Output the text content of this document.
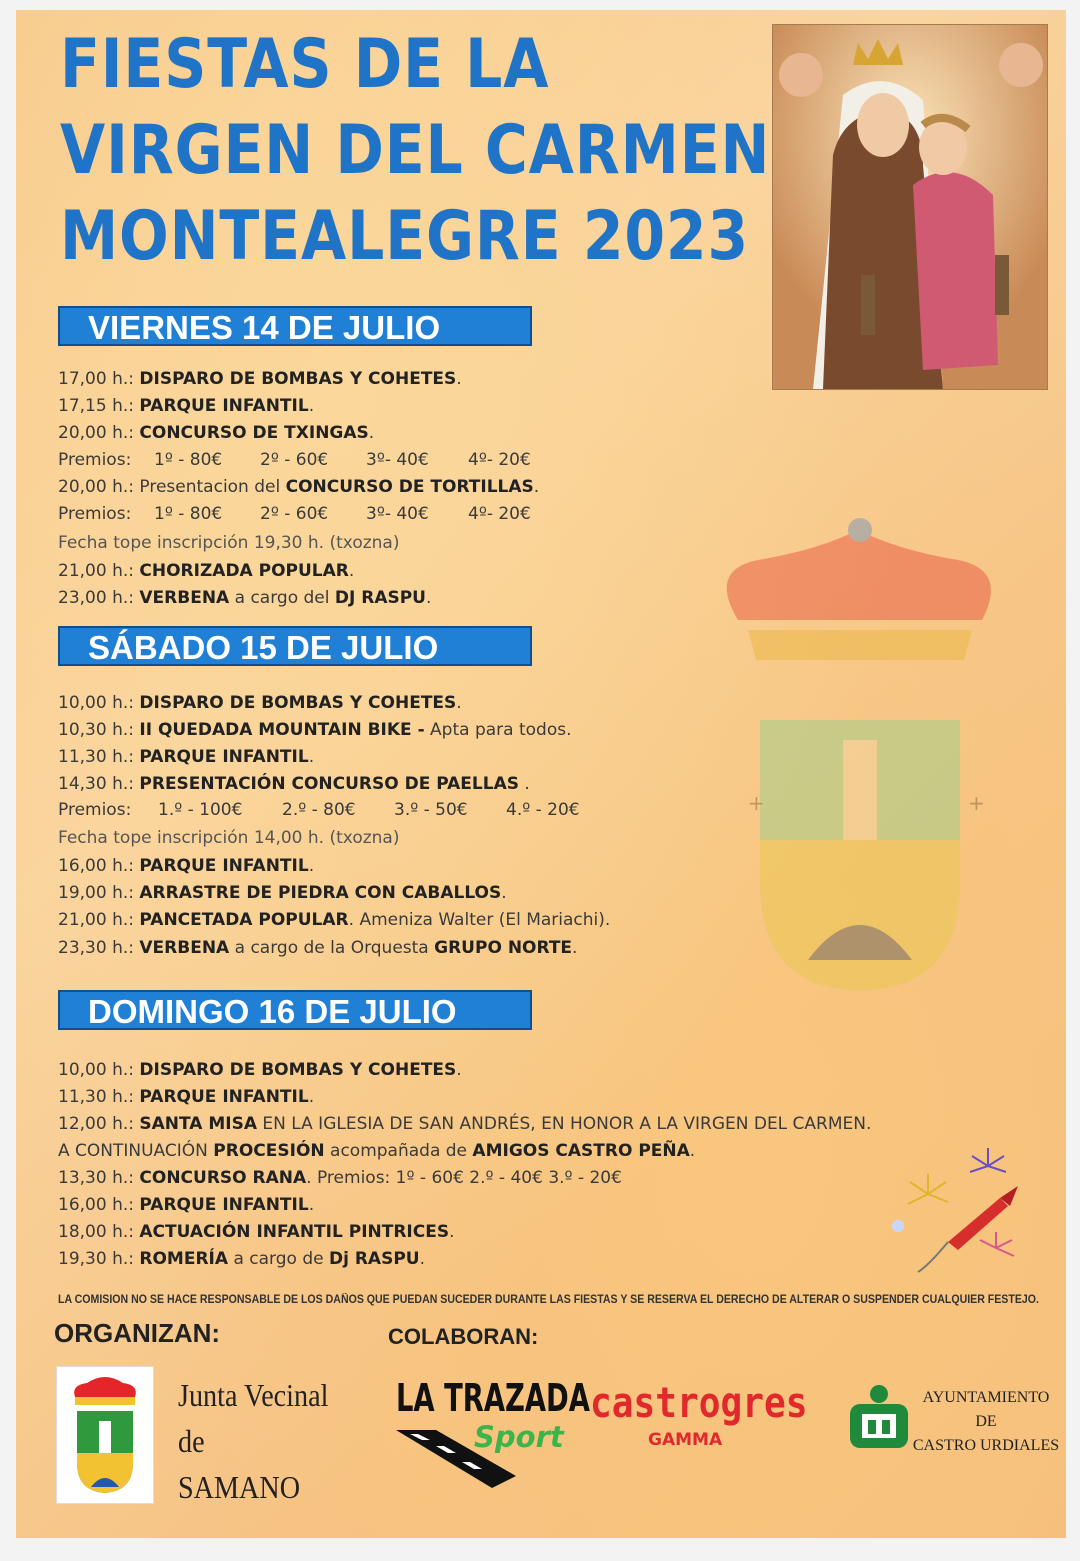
FIESTAS DE LA
VIRGEN DEL CARMEN
MONTEALEGRE 2023
+	+
VIERNES 14 DE JULIO
17,00 h.: DISPARO DE BOMBAS Y COHETES.
17,15 h.: PARQUE INFANTIL.
20,00 h.: CONCURSO DE TXINGAS.
Premios: 1º - 80€ 2º - 60€ 3º- 40€ 4º- 20€
20,00 h.: Presentacion del CONCURSO DE TORTILLAS.
Premios: 1º - 80€ 2º - 60€ 3º- 40€ 4º- 20€
Fecha tope inscripción 19,30 h. (txozna)
21,00 h.: CHORIZADA POPULAR.
23,00 h.: VERBENA a cargo del DJ RASPU.
SÁBADO 15 DE JULIO
10,00 h.: DISPARO DE BOMBAS Y COHETES.
10,30 h.: II QUEDADA MOUNTAIN BIKE - Apta para todos.
11,30 h.: PARQUE INFANTIL.
14,30 h.: PRESENTACIÓN CONCURSO DE PAELLAS .
Premios: 1.º - 100€ 2.º - 80€ 3.º - 50€ 4.º - 20€
Fecha tope inscripción 14,00 h. (txozna)
16,00 h.: PARQUE INFANTIL.
19,00 h.: ARRASTRE DE PIEDRA CON CABALLOS.
21,00 h.: PANCETADA POPULAR. Ameniza Walter (El Mariachi).
23,30 h.: VERBENA a cargo de la Orquesta GRUPO NORTE.
DOMINGO 16 DE JULIO
10,00 h.: DISPARO DE BOMBAS Y COHETES.
11,30 h.: PARQUE INFANTIL.
12,00 h.: SANTA MISA EN LA IGLESIA DE SAN ANDRÉS, EN HONOR A LA VIRGEN DEL CARMEN.
A CONTINUACIÓN PROCESIÓN acompañada de AMIGOS CASTRO PEÑA.
13,30 h.: CONCURSO RANA. Premios: 1º - 60€ 2.º - 40€ 3.º - 20€
16,00 h.: PARQUE INFANTIL.
18,00 h.: ACTUACIÓN INFANTIL PINTRICES.
19,30 h.: ROMERÍA a cargo de Dj RASPU.
LA COMISION NO SE HACE RESPONSABLE DE LOS DAÑOS QUE PUEDAN SUCEDER DURANTE LAS FIESTAS Y SE RESERVA EL DERECHO DE ALTERAR O SUSPENDER CUALQUIER FESTEJO.
ORGANIZAN:	COLABORAN:
Junta Vecinal
de
SAMANO
LA TRAZADA
Sport
castrogres
GAMMA
AYUNTAMIENTO
DE
CASTRO URDIALES
